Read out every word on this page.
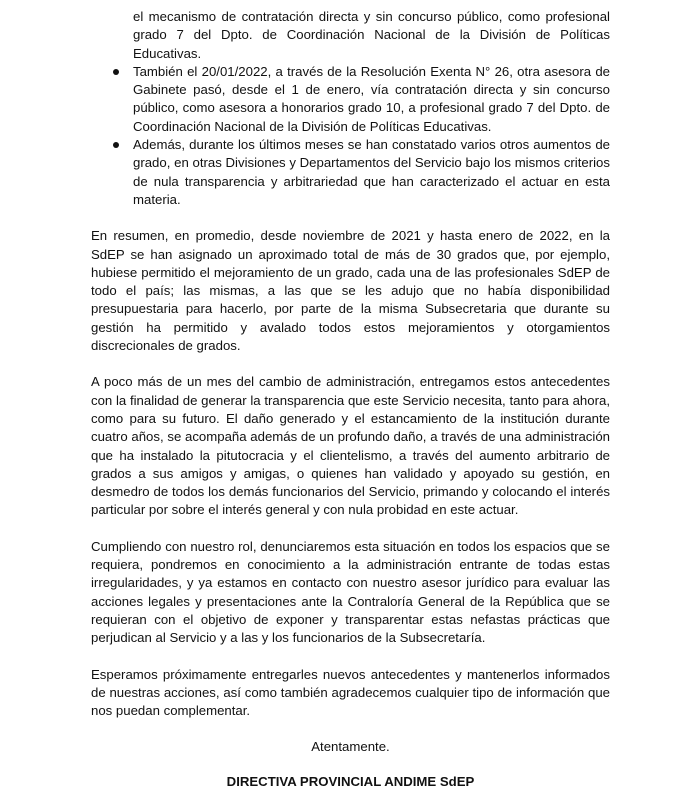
el mecanismo de contratación directa y sin concurso público, como profesional grado 7 del Dpto. de Coordinación Nacional de la División de Políticas Educativas.
También el 20/01/2022, a través de la Resolución Exenta N° 26, otra asesora de Gabinete pasó, desde el 1 de enero, vía contratación directa y sin concurso público, como asesora a honorarios grado 10, a profesional grado 7 del Dpto. de Coordinación Nacional de la División de Políticas Educativas.
Además, durante los últimos meses se han constatado varios otros aumentos de grado, en otras Divisiones y Departamentos del Servicio bajo los mismos criterios de nula transparencia y arbitrariedad que han caracterizado el actuar en esta materia.

En resumen, en promedio, desde noviembre de 2021 y hasta enero de 2022, en la SdEP se han asignado un aproximado total de más de 30 grados que, por ejemplo, hubiese permitido el mejoramiento de un grado, cada una de las profesionales SdEP de todo el país; las mismas, a las que se les adujo que no había disponibilidad presupuestaria para hacerlo, por parte de la misma Subsecretaria que durante su gestión ha permitido y avalado todos estos mejoramientos y otorgamientos discrecionales de grados.

A poco más de un mes del cambio de administración, entregamos estos antecedentes con la finalidad de generar la transparencia que este Servicio necesita, tanto para ahora, como para su futuro. El daño generado y el estancamiento de la institución durante cuatro años, se acompaña además de un profundo daño, a través de una administración que ha instalado la pitutocracia y el clientelismo, a través del aumento arbitrario de grados a sus amigos y amigas, o quienes han validado y apoyado su gestión, en desmedro de todos los demás funcionarios del Servicio, primando y colocando el interés particular por sobre el interés general y con nula probidad en este actuar.

Cumpliendo con nuestro rol, denunciaremos esta situación en todos los espacios que se requiera, pondremos en conocimiento a la administración entrante de todas estas irregularidades, y ya estamos en contacto con nuestro asesor jurídico para evaluar las acciones legales y presentaciones ante la Contraloría General de la República que se requieran con el objetivo de exponer y transparentar estas nefastas prácticas que perjudican al Servicio y a las y los funcionarios de la Subsecretaría.

Esperamos próximamente entregarles nuevos antecedentes y mantenerlos informados de nuestras acciones, así como también agradecemos cualquier tipo de información que nos puedan complementar.

Atentamente.
DIRECTIVA PROVINCIAL ANDIME SdEP
